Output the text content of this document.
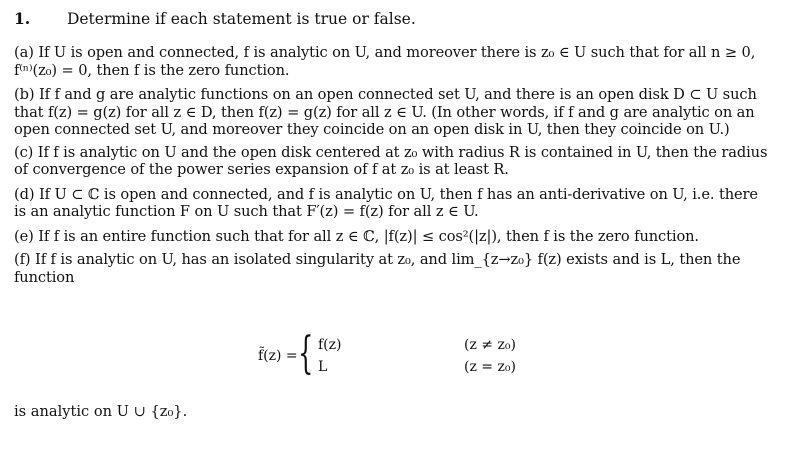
1. Determine if each statement is true or false.
(a) If U is open and connected, f is analytic on U, and moreover there is z₀ ∈ U such that for all n ≥ 0, f⁽ⁿ⁾(z₀) = 0, then f is the zero function.
(b) If f and g are analytic functions on an open connected set U, and there is an open disk D ⊂ U such that f(z) = g(z) for all z ∈ D, then f(z) = g(z) for all z ∈ U. (In other words, if f and g are analytic on an open connected set U, and moreover they coincide on an open disk in U, then they coincide on U.)
(c) If f is analytic on U and the open disk centered at z₀ with radius R is contained in U, then the radius of convergence of the power series expansion of f at z₀ is at least R.
(d) If U ⊂ ℂ is open and connected, and f is analytic on U, then f has an anti-derivative on U, i.e. there is an analytic function F on U such that F′(z) = f(z) for all z ∈ U.
(e) If f is an entire function such that for all z ∈ ℂ, |f(z)| ≤ cos²(|z|), then f is the zero function.
(f) If f is analytic on U, has an isolated singularity at z₀, and lim_{z→z₀} f(z) exists and is L, then the function
f̃(z) = { f(z)	(z ≠ z₀)
L	(z = z₀)
is analytic on U ∪ {z₀}.
